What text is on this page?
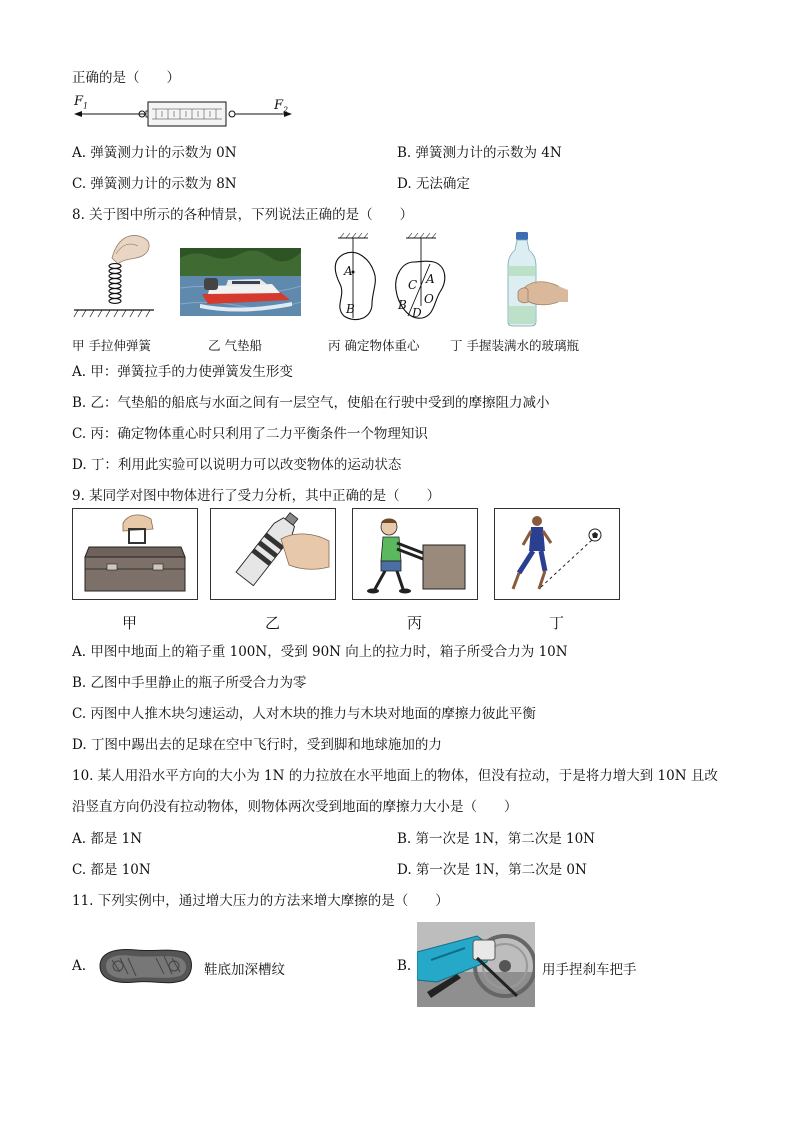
正确的是（　　）
$F_1$	$F_2$
A. 弹簧测力计的示数为 0N	B. 弹簧测力计的示数为 4N
C. 弹簧测力计的示数为 8N	D. 无法确定
8. 关于图中所示的各种情景，下列说法正确的是（　　）
A
B
C A
O
B
D
甲 手拉伸弹簧	乙 气垫船	丙 确定物体重心 丁 手握装满水的玻璃瓶
A. 甲：弹簧拉手的力使弹簧发生形变
B. 乙：气垫船的船底与水面之间有一层空气，使船在行驶中受到的摩擦阻力减小
C. 丙：确定物体重心时只利用了二力平衡条件一个物理知识
D. 丁：利用此实验可以说明力可以改变物体的运动状态
9. 某同学对图中物体进行了受力分析，其中正确的是（　　）
甲	乙	丙	丁
A. 甲图中地面上的箱子重 100N，受到 90N 向上的拉力时，箱子所受合力为 10N
B. 乙图中手里静止的瓶子所受合力为零
C. 丙图中人推木块匀速运动，人对木块的推力与木块对地面的摩擦力彼此平衡
D. 丁图中踢出去的足球在空中飞行时，受到脚和地球施加的力
10. 某人用沿水平方向的大小为 1N 的力拉放在水平地面上的物体，但没有拉动，于是将力增大到 10N 且改
沿竖直方向仍没有拉动物体，则物体两次受到地面的摩擦力大小是（　　）
A. 都是 1N	B. 第一次是 1N，第二次是 10N
C. 都是 10N	D. 第一次是 1N，第二次是 0N
11. 下列实例中，通过增大压力的方法来增大摩擦的是（　　）
A.	鞋底加深槽纹	B.	用手捏刹车把手
